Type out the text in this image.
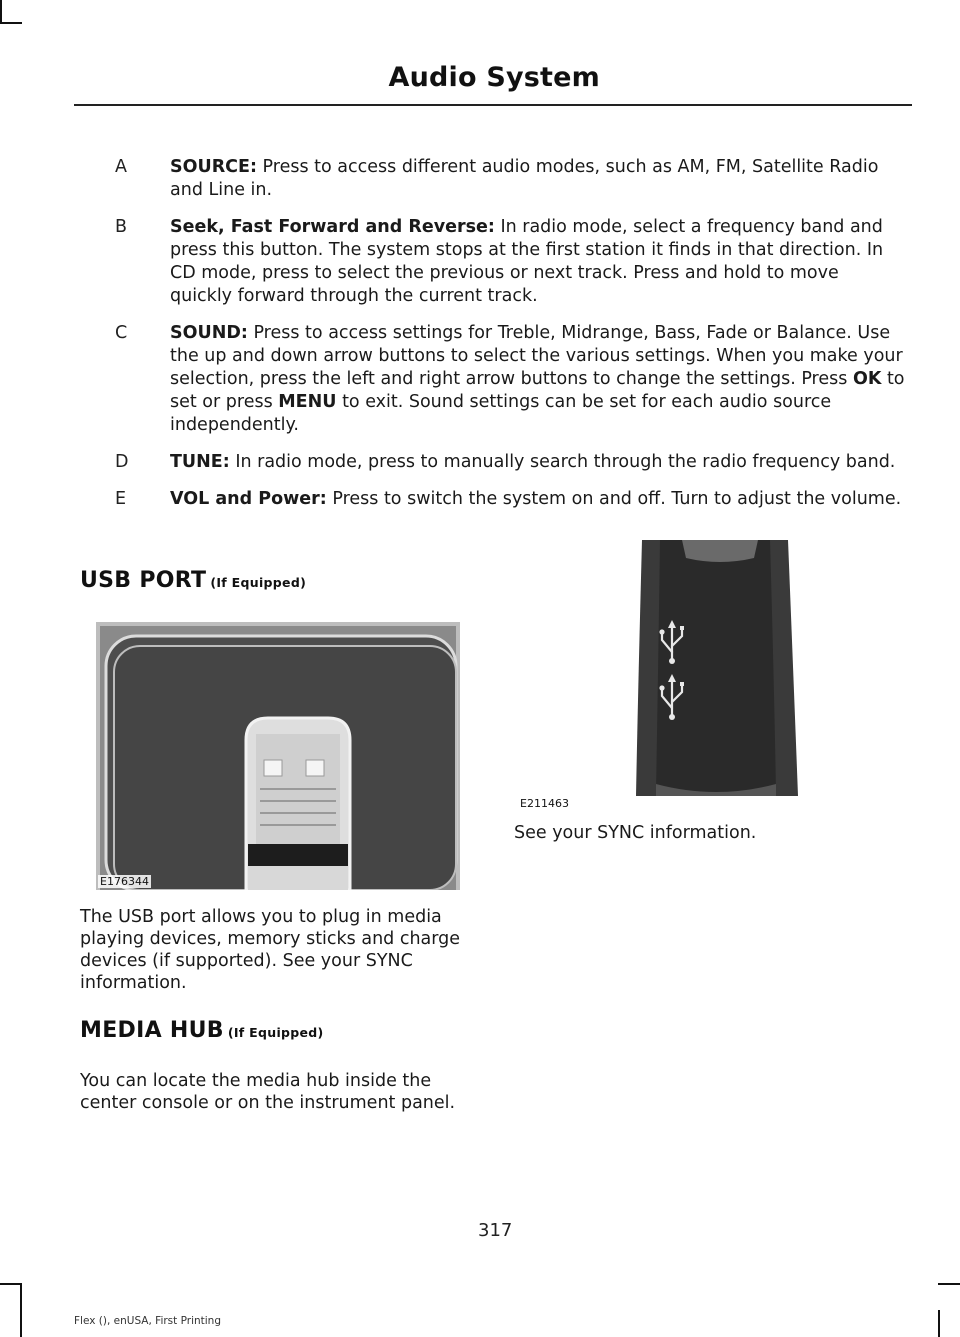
Audio System
A	SOURCE: Press to access different audio modes, such as AM, FM, Satellite Radio and Line in.
B	Seek, Fast Forward and Reverse: In radio mode, select a frequency band and press this button. The system stops at the first station it finds in that direction. In CD mode, press to select the previous or next track. Press and hold to move quickly forward through the current track.
C	SOUND: Press to access settings for Treble, Midrange, Bass, Fade or Balance. Use the up and down arrow buttons to select the various settings. When you make your selection, press the left and right arrow buttons to change the settings. Press OK to set or press MENU to exit. Sound settings can be set for each audio source independently.
D	TUNE: In radio mode, press to manually search through the radio frequency band.
E	VOL and Power: Press to switch the system on and off. Turn to adjust the volume.
USB PORT (If Equipped)
E176344
The USB port allows you to plug in media playing devices, memory sticks and charge devices (if supported). See your SYNC information.
MEDIA HUB (If Equipped)
You can locate the media hub inside the center console or on the instrument panel.
E211463
See your SYNC information.
317
Flex (), enUSA, First Printing
